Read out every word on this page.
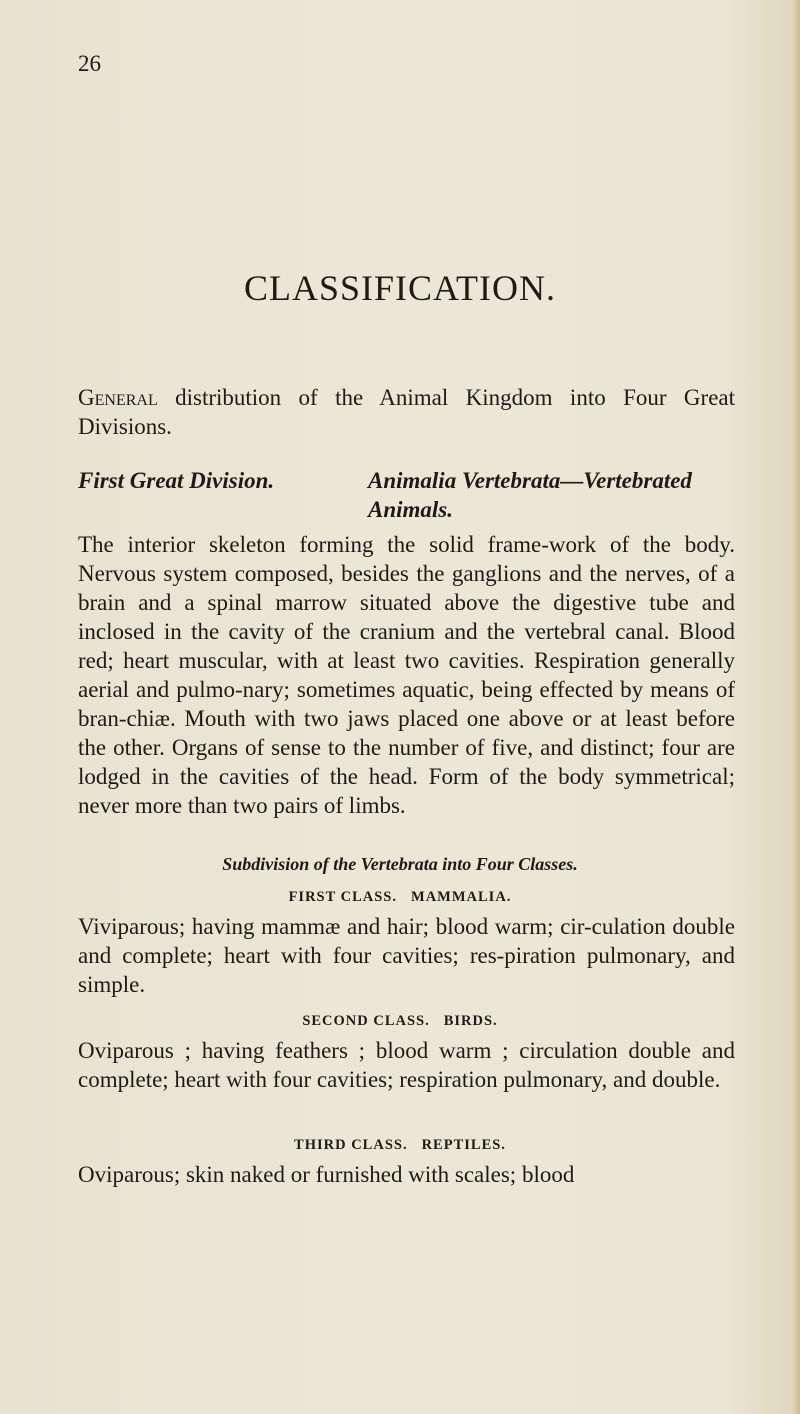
26
CLASSIFICATION.
General distribution of the Animal Kingdom into Four Great Divisions.
First Great Division.	Animalia Vertebrata—Vertebrated
Animals.
The interior skeleton forming the solid frame-work of the body. Nervous system composed, besides the ganglions and the nerves, of a brain and a spinal marrow situated above the digestive tube and inclosed in the cavity of the cranium and the vertebral canal. Blood red; heart muscular, with at least two cavities. Respiration generally aerial and pulmo-nary; sometimes aquatic, being effected by means of bran-chiæ. Mouth with two jaws placed one above or at least before the other. Organs of sense to the number of five, and distinct; four are lodged in the cavities of the head. Form of the body symmetrical; never more than two pairs of limbs.
Subdivision of the Vertebrata into Four Classes.
FIRST CLASS. MAMMALIA.
Viviparous; having mammæ and hair; blood warm; cir-culation double and complete; heart with four cavities; res-piration pulmonary, and simple.
SECOND CLASS. BIRDS.
Oviparous ; having feathers ; blood warm ; circulation double and complete; heart with four cavities; respiration pulmonary, and double.
THIRD CLASS. REPTILES.
Oviparous; skin naked or furnished with scales; blood
